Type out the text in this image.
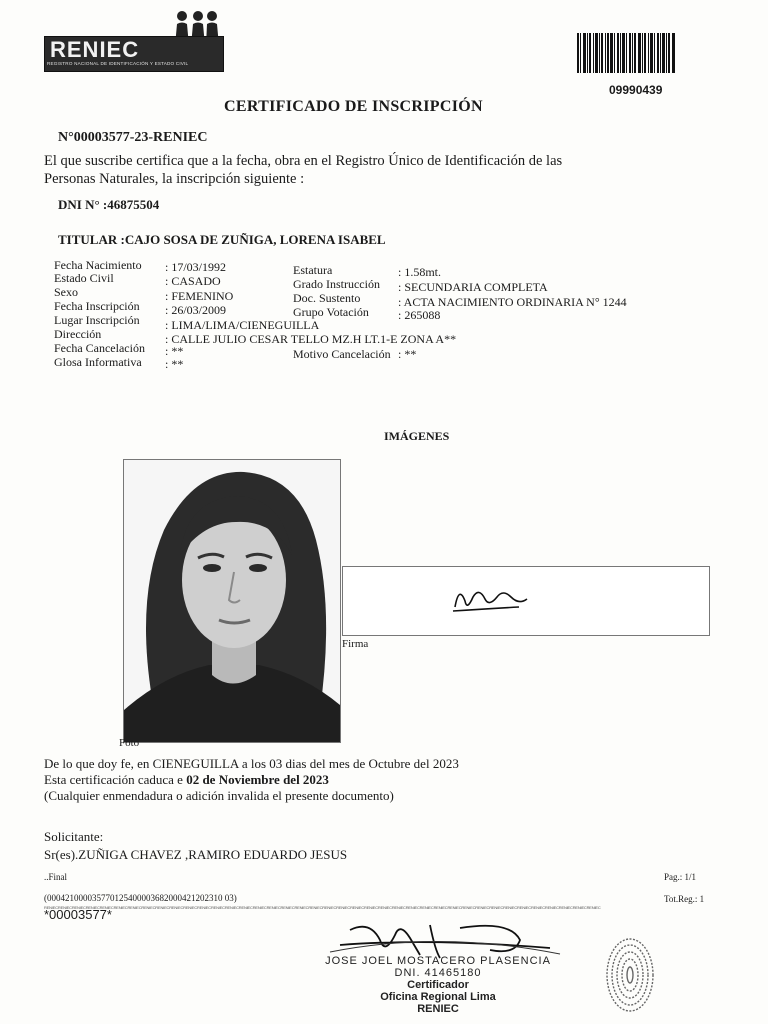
RENIEC
REGISTRO NACIONAL DE IDENTIFICACIÓN Y ESTADO CIVIL
09990439
CERTIFICADO DE INSCRIPCIÓN
N°00003577-23-RENIEC
El que suscribe certifica que a la fecha, obra en el Registro Único de Identificación de las
Personas Naturales, la inscripción siguiente :
DNI N° :46875504
TITULAR :CAJO SOSA DE ZUÑIGA, LORENA ISABEL
Fecha Nacimiento : 17/03/1992
Estado Civil	: CASADO
Sexo	: FEMENINO
Fecha Inscripción : 26/03/2009
Lugar Inscripción : LIMA/LIMA/CIENEGUILLA
Dirección	: CALLE JULIO CESAR TELLO MZ.H LT.1-E ZONA A**
Fecha Cancelación : **
Glosa Informativa : **
Estatura	: 1.58mt.
Grado Instrucción : SECUNDARIA COMPLETA
Doc. Sustento	: ACTA NACIMIENTO ORDINARIA N° 1244
Grupo Votación : 265088
Motivo Cancelación : **
IMÁGENES
Foto
Firma
De lo que doy fe, en CIENEGUILLA a los 03 dias del mes de Octubre del 2023
Esta certificación caduca e 02 de Noviembre del 2023
(Cualquier enmendadura o adición invalida el presente documento)
Solicitante:
Sr(es).ZUÑIGA CHAVEZ ,RAMIRO EDUARDO JESUS
..Final	Pag.: 1/1
Tot.Reg.: 1
(000421000035770125400003682000421202310 03)
RENIECRENIECRENIECRENIECRENIECRENIECRENIECRENIECRENIECRENIECRENIECRENIECRENIECRENIECRENIECRENIECRENIECRENIECRENIECRENIECRENIECRENIECRENIECRENIECRENIECRENIECRENIECRENIECRENIECRENIECRENIECRENIECRENIECRENIECRENIECRENIECRENIECRENIECRENIECRENIEC
*00003577*
JOSE JOEL MOSTACERO PLASENCIA
DNI. 41465180
Certificador
Oficina Regional Lima
RENIEC
